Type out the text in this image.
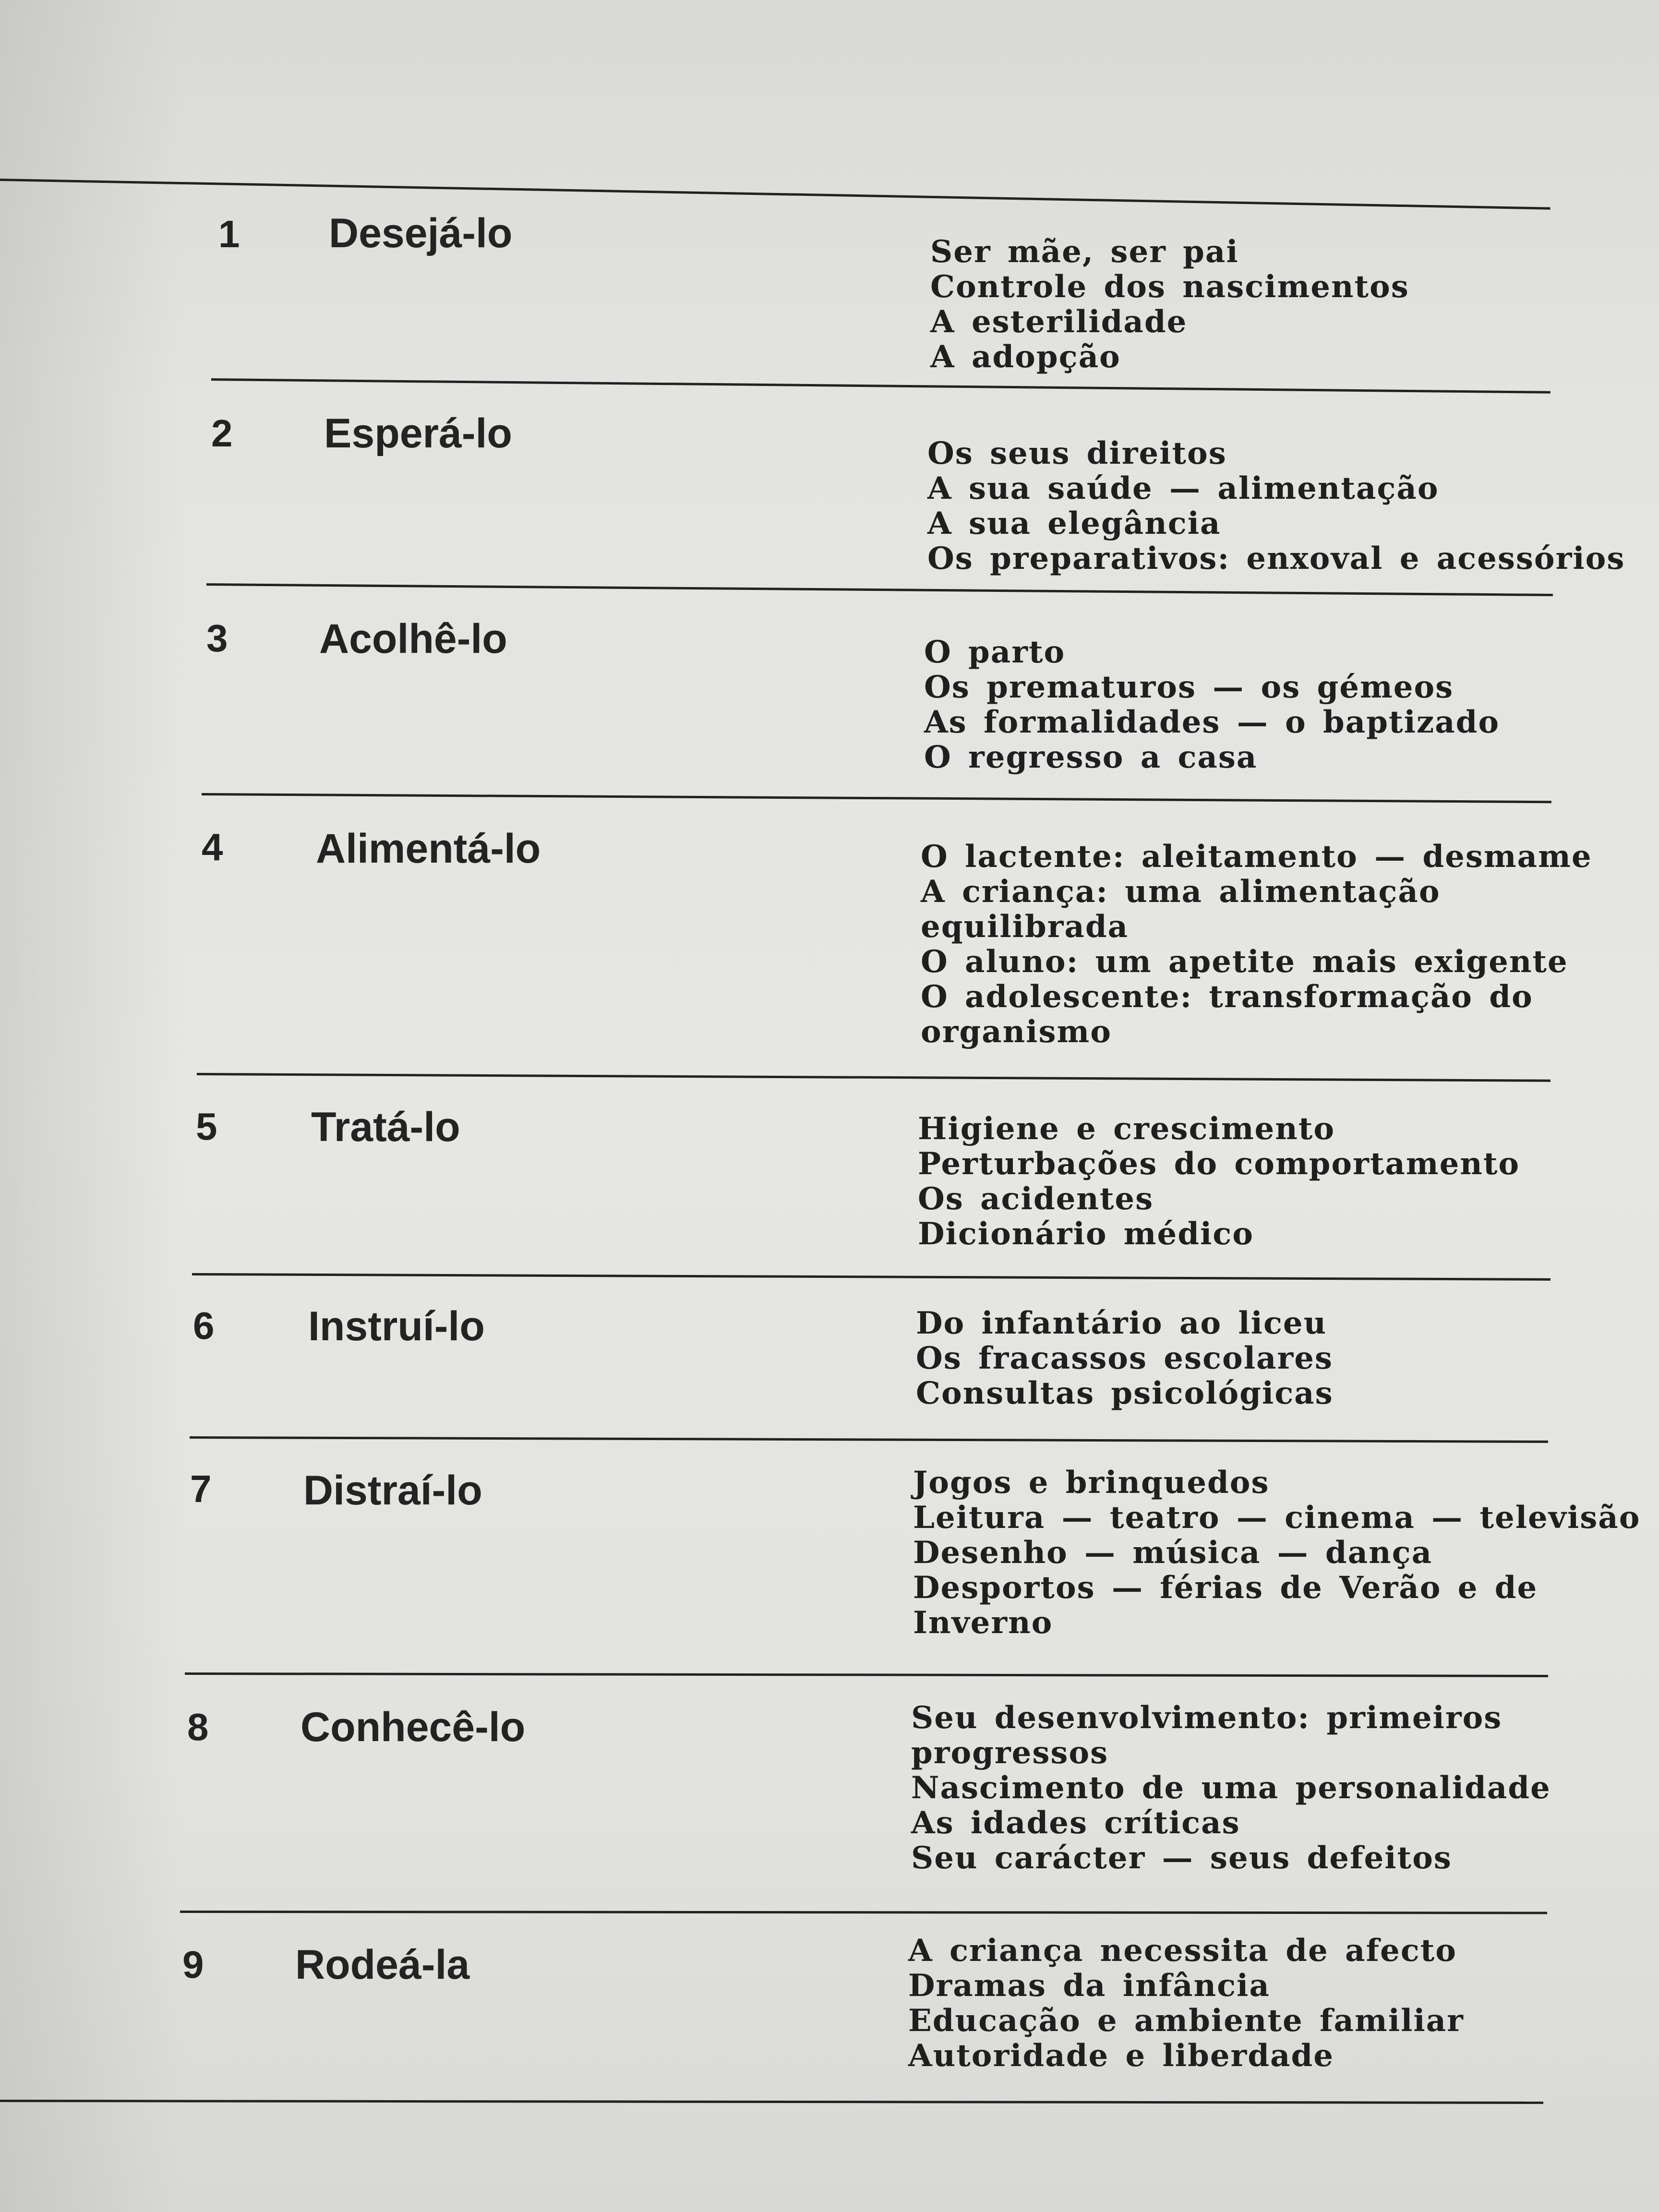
1 Desejá-lo	Ser mãe, ser pai
Controle dos nascimentos
A esterilidade
A adopção
2 Esperá-lo	Os seus direitos
A sua saúde — alimentação
A sua elegância
Os preparativos: enxoval e acessórios
3 Acolhê-lo	O parto
Os prematuros — os gémeos
As formalidades — o baptizado
O regresso a casa
4 Alimentá-lo	O lactente: aleitamento — desmame
A criança: uma alimentação
equilibrada
O aluno: um apetite mais exigente
O adolescente: transformação do
organismo
5 Tratá-lo	Higiene e crescimento
Perturbações do comportamento
Os acidentes
Dicionário médico
6 Instruí-lo	Do infantário ao liceu
Os fracassos escolares
Consultas psicológicas
7 Distraí-lo	Jogos e brinquedos
Leitura — teatro — cinema — televisão
Desenho — música — dança
Desportos — férias de Verão e de
Inverno
8 Conhecê-lo	Seu desenvolvimento: primeiros
progressos
Nascimento de uma personalidade
As idades críticas
Seu carácter — seus defeitos
9 Rodeá-la	A criança necessita de afecto
Dramas da infância
Educação e ambiente familiar
Autoridade e liberdade
